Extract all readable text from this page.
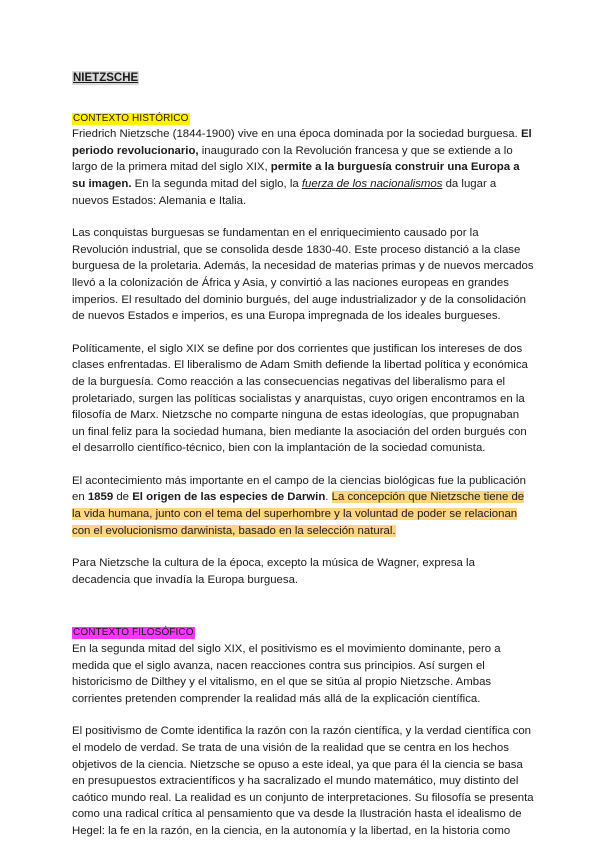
NIETZSCHE
CONTEXTO HISTÓRICO

Friedrich Nietzsche (1844-1900) vive en una época dominada por la sociedad burguesa. El periodo revolucionario, inaugurado con la Revolución francesa y que se extiende a lo largo de la primera mitad del siglo XIX, permite a la burguesía construir una Europa a su imagen. En la segunda mitad del siglo, la fuerza de los nacionalismos da lugar a nuevos Estados: Alemania e Italia.

Las conquistas burguesas se fundamentan en el enriquecimiento causado por la Revolución industrial, que se consolida desde 1830-40. Este proceso distanció a la clase burguesa de la proletaria. Además, la necesidad de materias primas y de nuevos mercados llevó a la colonización de África y Asia, y convirtió a las naciones europeas en grandes imperios. El resultado del dominio burgués, del auge industrializador y de la consolidación de nuevos Estados e imperios, es una Europa impregnada de los ideales burgueses.

Políticamente, el siglo XIX se define por dos corrientes que justifican los intereses de dos clases enfrentadas. El liberalismo de Adam Smith defiende la libertad política y económica de la burguesía. Como reacción a las consecuencias negativas del liberalismo para el proletariado, surgen las políticas socialistas y anarquistas, cuyo origen encontramos en la filosofía de Marx. Nietzsche no comparte ninguna de estas ideologías, que propugnaban un final feliz para la sociedad humana, bien mediante la asociación del orden burgués con el desarrollo científico-técnico, bien con la implantación de la sociedad comunista.

El acontecimiento más importante en el campo de la ciencias biológicas fue la publicación en 1859 de El origen de las especies de Darwin. La concepción que Nietzsche tiene de la vida humana, junto con el tema del superhombre y la voluntad de poder se relacionan con el evolucionismo darwinista, basado en la selección natural.

Para Nietzsche la cultura de la época, excepto la música de Wagner, expresa la decadencia que invadía la Europa burguesa.

CONTEXTO FILOSÓFICO

En la segunda mitad del siglo XIX, el positivismo es el movimiento dominante, pero a medida que el siglo avanza, nacen reacciones contra sus principios. Así surgen el historicismo de Dilthey y el vitalismo, en el que se sitúa al propio Nietzsche. Ambas corrientes pretenden comprender la realidad más allá de la explicación científica.

El positivismo de Comte identifica la razón con la razón científica, y la verdad científica con el modelo de verdad. Se trata de una visión de la realidad que se centra en los hechos objetivos de la ciencia. Nietzsche se opuso a este ideal, ya que para él la ciencia se basa en presupuestos extracientíficos y ha sacralizado el mundo matemático, muy distinto del caótico mundo real. La realidad es un conjunto de interpretaciones. Su filosofía se presenta como una radical crítica al pensamiento que va desde la Ilustración hasta el idealismo de Hegel: la fe en la razón, en la ciencia, en la autonomía y la libertad, en la historia como
